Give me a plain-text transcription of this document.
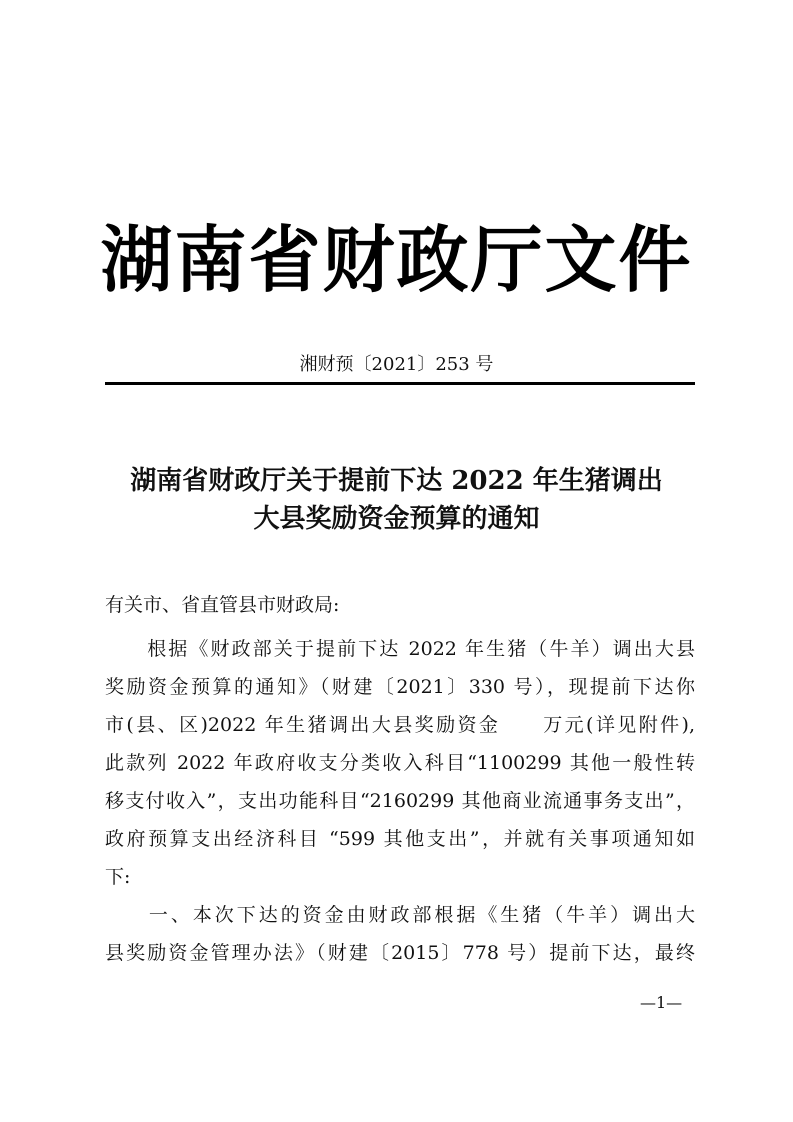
湖南省财政厅文件
湘财预〔2021〕253 号
湖南省财政厅关于提前下达 2022 年生猪调出
大县奖励资金预算的通知
有关市、省直管县市财政局:
　　根据《财政部关于提前下达 2022 年生猪（牛羊）调出大县
奖励资金预算的通知》（财建〔2021〕330 号），现提前下达你
市(县、区)2022 年生猪调出大县奖励资金　　万元(详见附件),
此款列 2022 年政府收支分类收入科目“1100299 其他一般性转
移支付收入”，支出功能科目“2160299 其他商业流通事务支出”，
政府预算支出经济科目 “599 其他支出”，并就有关事项通知如
下:
　　一、本次下达的资金由财政部根据《生猪（牛羊）调出大
县奖励资金管理办法》（财建〔2015〕778 号）提前下达，最终
—1—
